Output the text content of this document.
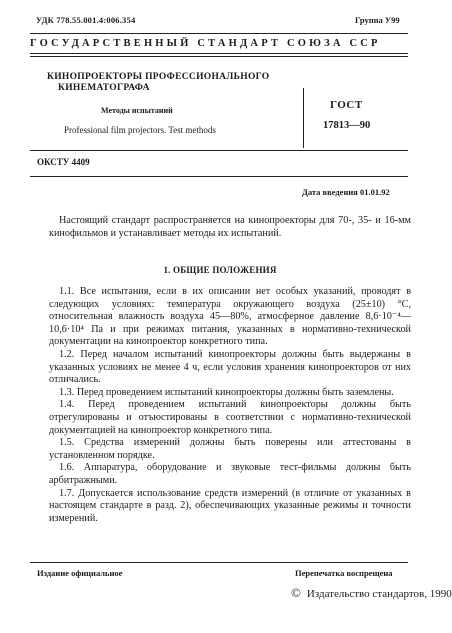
УДК 778.55.001.4:006.354	Группа У99
ГОСУДАРСТВЕННЫЙ СТАНДАРТ СОЮЗА ССР
КИНОПРОЕКТОРЫ ПРОФЕССИОНАЛЬНОГО
КИНЕМАТОГРАФА
Методы испытаний
Professional film projectors. Test methods
ГОСТ
17813—90
ОКСТУ 4409
Дата введения 01.01.92

Настоящий стандарт распространяется на кинопроекторы для 70-, 35- и 16-мм кинофильмов и устанавливает методы их испытаний.

1. ОБЩИЕ ПОЛОЖЕНИЯ

1.1. Все испытания, если в их описании нет особых указаний, проводят в следующих условиях: температура окружающего воздуха (25±10) °С, относительная влажность воздуха 45—80%, атмосферное давление 8,6·10⁻⁴—10,6·10⁴ Па и при режимах питания, указанных в нормативно-технической документации на кинопроектор конкретного типа.

1.2. Перед началом испытаний кинопроекторы должны быть выдержаны в указанных условиях не менее 4 ч, если условия хранения кинопроекторов от них отличались.

1.3. Перед проведением испытаний кинопроекторы должны быть заземлены.

1.4. Перед проведением испытаний кинопроекторы должны быть отрегулированы и отъюстированы в соответствии с нормативно-технической документацией на кинопроектор конкретного типа.

1.5. Средства измерений должны быть поверены или аттестованы в установленном порядке.

1.6. Аппаратура, оборудование и звуковые тест-фильмы должны быть арбитражными.

1.7. Допускается использование средств измерений (в отличие от указанных в настоящем стандарте в разд. 2), обеспечивающих указанные режимы и точности измерений.

Издание официальное	Перепечатка воспрещена
© Издательство стандартов, 1990
